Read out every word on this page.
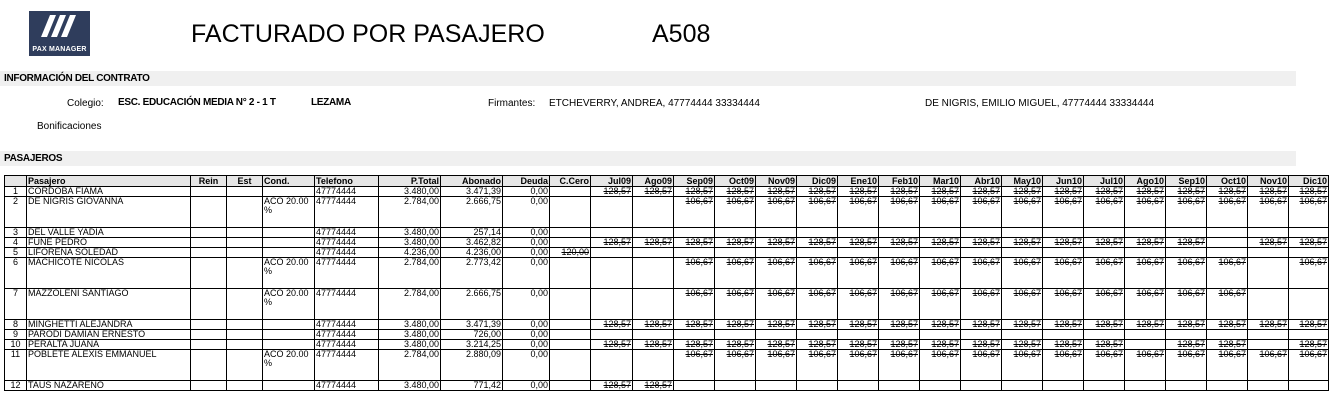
PAX MANAGER
FACTURADO POR PASAJERO	A508
INFORMACIÓN DEL CONTRATO
Colegio: ESC. EDUCACIÓN MEDIA N° 2 - 1 T	LEZAMA	Firmantes: ETCHEVERRY, ANDREA, 47774444 33334444	DE NIGRIS, EMILIO MIGUEL, 47774444 33334444
Bonificaciones
PASAJEROS
	Pasajero	Rein	Est	Cond.	Telefono	P.Total	Abonado	Deuda	C.Cero	Jul09	Ago09	Sep09	Oct09	Nov09	Dic09	Ene10	Feb10	Mar10	Abr10	May10	Jun10	Jul10	Ago10	Sep10	Oct10	Nov10	Dic10
1	CORDOBA FIAMA				47774444	3.480,00	3.471,39	0,00		128,57	128,57	128,57	128,57	128,57	128,57	128,57	128,57	128,57	128,57	128,57	128,57	128,57	128,57	128,57	128,57	128,57	128,57
2	DE NIGRIS GIOVANNA			ACO 20.00 %	47774444	2.784,00	2.666,75	0,00				106,67	106,67	106,67	106,67	106,67	106,67	106,67	106,67	106,67	106,67	106,67	106,67	106,67	106,67	106,67	106,67
3	DEL VALLE YADIA				47774444	3.480,00	257,14	0,00																			
4	FUNE PEDRO				47774444	3.480,00	3.462,82	0,00		128,57	128,57	128,57	128,57	128,57	128,57	128,57	128,57	128,57	128,57	128,57	128,57	128,57	128,57	128,57		128,57	128,57
5	LIFORENA SOLEDAD				47774444	4.236,00	4.236,00	0,00	120,00																		
6	MACHICOTE NICOLAS			ACO 20.00 %	47774444	2.784,00	2.773,42	0,00				106,67	106,67	106,67	106,67	106,67	106,67	106,67	106,67	106,67	106,67	106,67	106,67	106,67	106,67		106,67
7	MAZZOLENI SANTIAGO			ACO 20.00 %	47774444	2.784,00	2.666,75	0,00				106,67	106,67	106,67	106,67	106,67	106,67	106,67	106,67	106,67	106,67	106,67	106,67	106,67	106,67		
8	MINGHETTI ALEJANDRA				47774444	3.480,00	3.471,39	0,00		128,57	128,57	128,57	128,57	128,57	128,57	128,57	128,57	128,57	128,57	128,57	128,57	128,57	128,57	128,57	128,57	128,57	128,57
9	PARODI DAMIAN ERNESTO				47774444	3.480,00	726,00	0,00																			
10	PERALTA JUANA				47774444	3.480,00	3.214,25	0,00		128,57	128,57	128,57	128,57	128,57	128,57	128,57	128,57	128,57	128,57	128,57	128,57	128,57		128,57	128,57		128,57
11	POBLETE ALEXIS EMMANUEL			ACO 20.00 %	47774444	2.784,00	2.880,09	0,00				106,67	106,67	106,67	106,67	106,67	106,67	106,67	106,67	106,67	106,67	106,67	106,67	106,67	106,67	106,67	106,67
12	TAUS NAZARENO				47774444	3.480,00	771,42	0,00		128,57	128,57																
